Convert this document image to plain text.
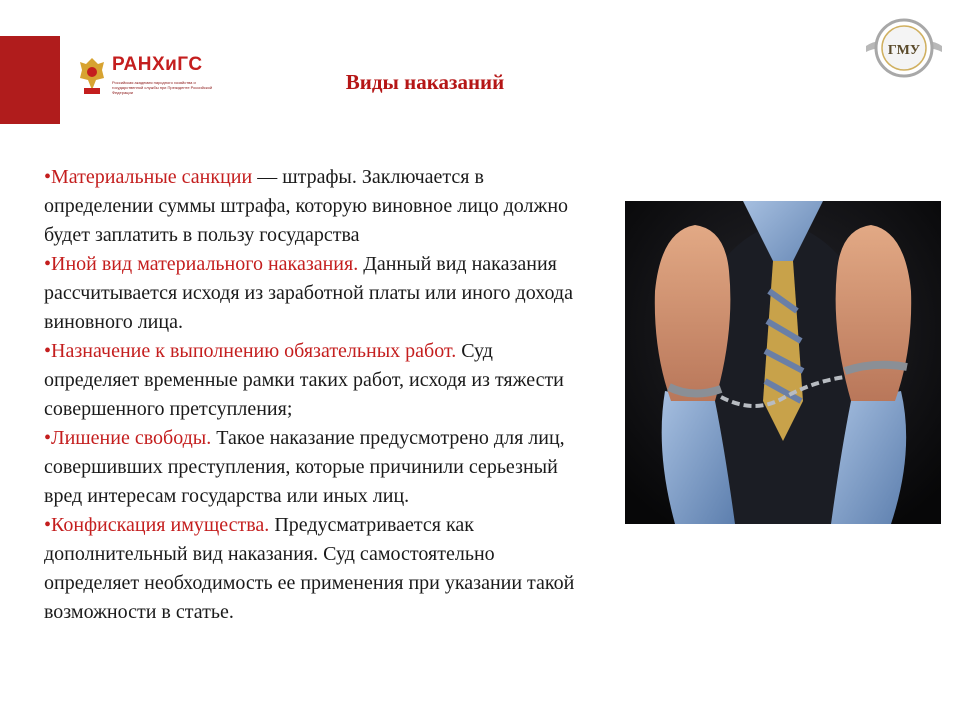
РАНХиГС
Российская академия народного хозяйства и государственной службы при Президенте Российской Федерации
ГМУ
Виды наказаний

•Материальные санкции — штрафы. Заключается в определении суммы штрафа, которую виновное лицо должно будет заплатить в пользу государства

•Иной вид материального наказания. Данный вид наказания рассчитывается исходя из заработной платы или иного дохода виновного лица.

•Назначение к выполнению обязательных работ. Суд определяет временные рамки таких работ, исходя из тяжести совершенного претсупления;

•Лишение свободы. Такое наказание предусмотрено для лиц, совершивших преступления, которые причинили серьезный вред интересам государства или иных лиц.

•Конфискация имущества. Предусматривается как дополнительный вид наказания. Суд самостоятельно определяет необходимость ее применения при указании такой возможности в статье.
